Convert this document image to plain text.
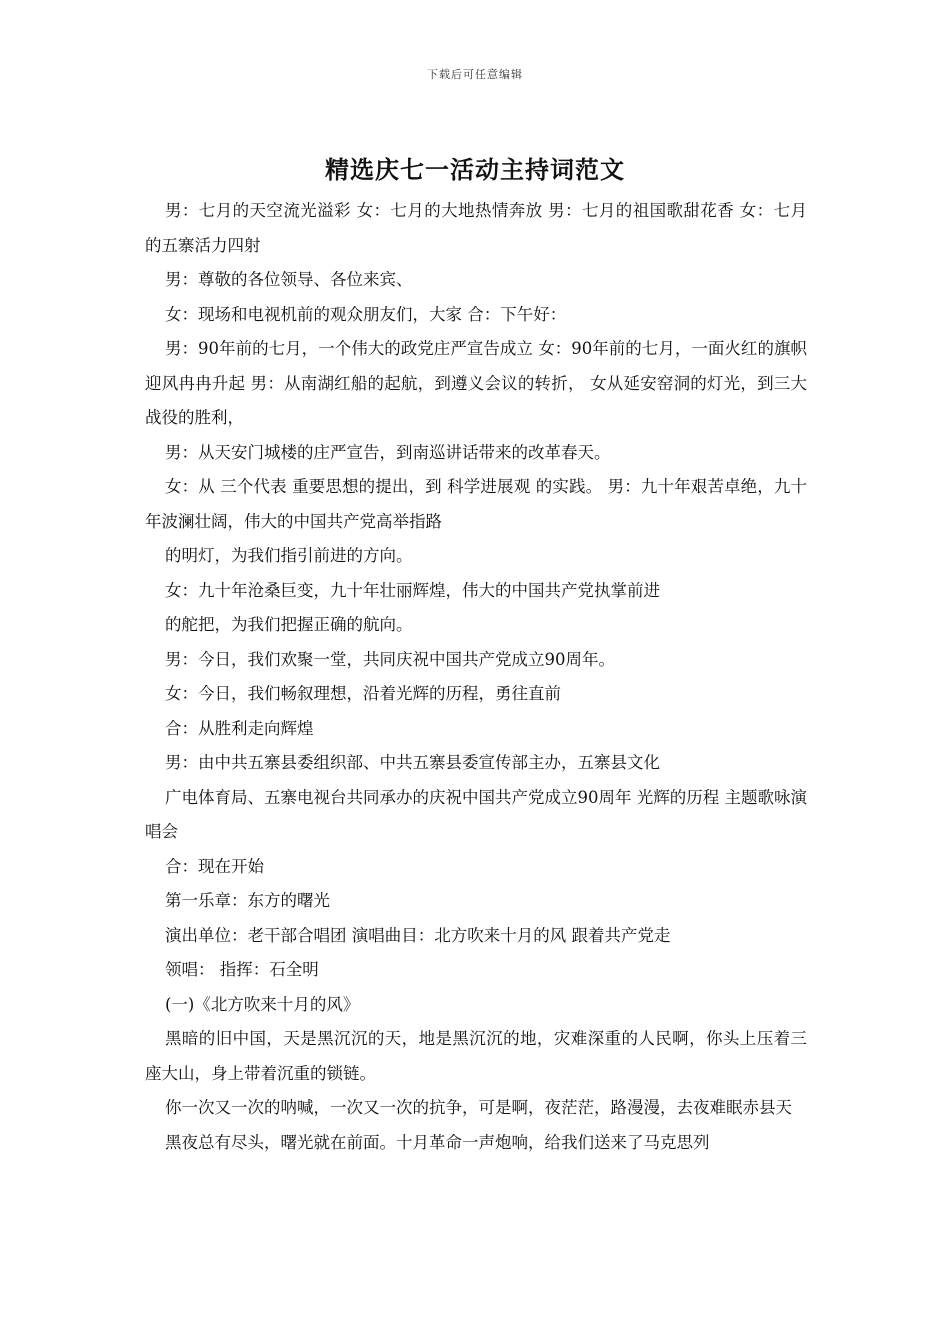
下载后可任意编辑
精选庆七一活动主持词范文

男：七月的天空流光溢彩 女：七月的大地热情奔放 男：七月的祖国歌甜花香 女：七月的五寨活力四射

男：尊敬的各位领导、各位来宾、

女：现场和电视机前的观众朋友们，大家 合：下午好：

男：90年前的七月，一个伟大的政党庄严宣告成立 女：90年前的七月，一面火红的旗帜迎风冉冉升起 男：从南湖红船的起航，到遵义会议的转折， 女从延安窑洞的灯光，到三大战役的胜利，

男：从天安门城楼的庄严宣告，到南巡讲话带来的改革春天。

女：从 三个代表 重要思想的提出，到 科学进展观 的实践。 男：九十年艰苦卓绝，九十年波澜壮阔，伟大的中国共产党高举指路

的明灯，为我们指引前进的方向。

女：九十年沧桑巨变，九十年壮丽辉煌，伟大的中国共产党执掌前进

的舵把，为我们把握正确的航向。

男：今日，我们欢聚一堂，共同庆祝中国共产党成立90周年。

女：今日，我们畅叙理想，沿着光辉的历程，勇往直前

合：从胜利走向辉煌

男：由中共五寨县委组织部、中共五寨县委宣传部主办，五寨县文化

广电体育局、五寨电视台共同承办的庆祝中国共产党成立90周年 光辉的历程 主题歌咏演唱会

合：现在开始

第一乐章：东方的曙光

演出单位：老干部合唱团 演唱曲目：北方吹来十月的风 跟着共产党走

领唱： 指挥：石全明

(一)《北方吹来十月的风》

黑暗的旧中国，天是黑沉沉的天，地是黑沉沉的地，灾难深重的人民啊，你头上压着三座大山，身上带着沉重的锁链。

你一次又一次的呐喊，一次又一次的抗争，可是啊，夜茫茫，路漫漫，去夜难眠赤县天

黑夜总有尽头，曙光就在前面。十月革命一声炮响，给我们送来了马克思列
